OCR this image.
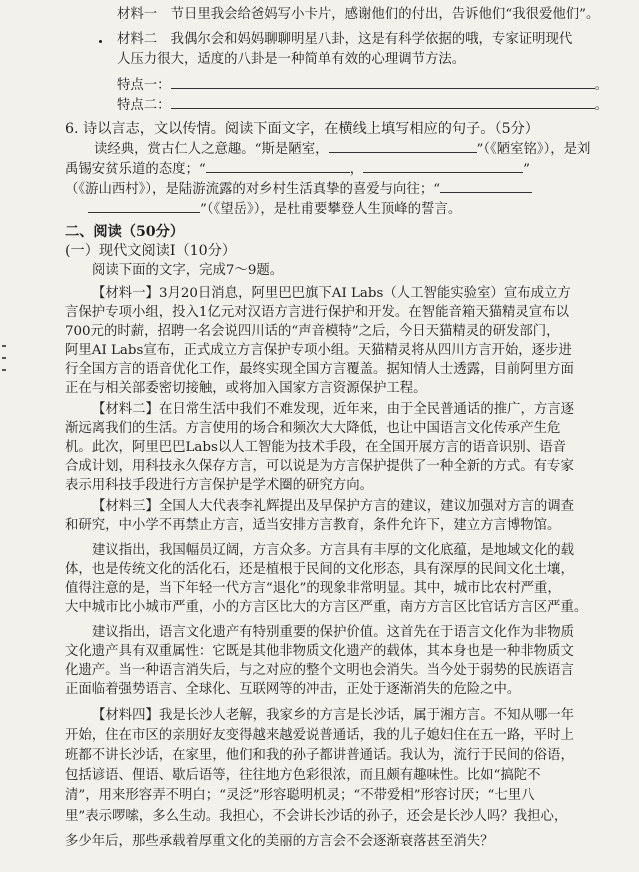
材料一　节日里我会给爸妈写小卡片，感谢他们的付出，告诉他们“我很爱他们”。
材料二　我偶尔会和妈妈聊聊明星八卦，这是有科学依据的哦，专家证明现代
人压力很大，适度的八卦是一种简单有效的心理调节方法。
特点一：	。
特点二：	。
6. 诗以言志，文以传情。阅读下面文字，在横线上填写相应的句子。（5分）
读经典，赏古仁人之意趣。“斯是陋室，	”（《陋室铭》），是刘
禹锡安贫乐道的态度；“	，	”
（《游山西村》），是陆游流露的对乡村生活真挚的喜爱与向往；“
”（《望岳》），是杜甫要攀登人生顶峰的誓言。
二、阅读（50分）
(一）现代文阅读Ⅰ（10分）
阅读下面的文字，完成7～9题。
【材料一】3月20日消息，阿里巴巴旗下AI Labs（人工智能实验室）宣布成立方
言保护专项小组，投入1亿元对汉语方言进行保护和开发。在智能音箱天猫精灵宣布以
700元的时薪，招聘一名会说四川话的“声音模特”之后，今日天猫精灵的研发部门，
阿里AI Labs宣布，正式成立方言保护专项小组。天猫精灵将从四川方言开始，逐步进
行全国方言的语音优化工作，最终实现全国方言覆盖。据知情人士透露，目前阿里方面
正在与相关部委密切接触，或将加入国家方言资源保护工程。
【材料二】在日常生活中我们不难发现，近年来，由于全民普通话的推广，方言逐
渐远离我们的生活。方言使用的场合和频次大大降低，也让中国语言文化传承产生危
机。此次，阿里巴巴Labs以人工智能为技术手段，在全国开展方言的语音识别、语音
合成计划，用科技永久保存方言，可以说是为方言保护提供了一种全新的方式。有专家
表示用科技手段进行方言保护是学术圈的研究方向。
【材料三】全国人大代表李礼辉提出及早保护方言的建议，建议加强对方言的调查
和研究，中小学不再禁止方言，适当安排方言教育，条件允许下，建立方言博物馆。
建议指出，我国幅员辽阔，方言众多。方言具有丰厚的文化底蕴，是地域文化的载
体，也是传统文化的活化石，还是植根于民间的文化形态，具有深厚的民间文化土壤，
值得注意的是，当下年轻一代方言“退化”的现象非常明显。其中，城市比农村严重，
大中城市比小城市严重，小的方言区比大的方言区严重，南方方言区比官话方言区严重。
建议指出，语言文化遗产有特别重要的保护价值。这首先在于语言文化作为非物质
文化遗产具有双重属性：它既是其他非物质文化遗产的载体，其本身也是一种非物质文
化遗产。当一种语言消失后，与之对应的整个文明也会消失。当今处于弱势的民族语言
正面临着强势语言、全球化、互联网等的冲击，正处于逐渐消失的危险之中。
【材料四】我是长沙人老解，我家乡的方言是长沙话，属于湘方言。不知从哪一年
开始，住在市区的亲朋好友变得越来越爱说普通话，我的儿子媳妇住在五一路，平时上
班都不讲长沙话，在家里，他们和我的孙子都讲普通话。我认为，流行于民间的俗语，
包括谚语、俚语、歇后语等，往往地方色彩很浓，而且颇有趣味性。比如“搞陀不
清”，用来形容弄不明白；“灵泛”形容聪明机灵；“不带爱相”形容讨厌；“七里八
里”表示啰嗦，多么生动。我担心，不会讲长沙话的孙子，还会是长沙人吗？我担心，
多少年后，那些承载着厚重文化的美丽的方言会不会逐渐衰落甚至消失？
